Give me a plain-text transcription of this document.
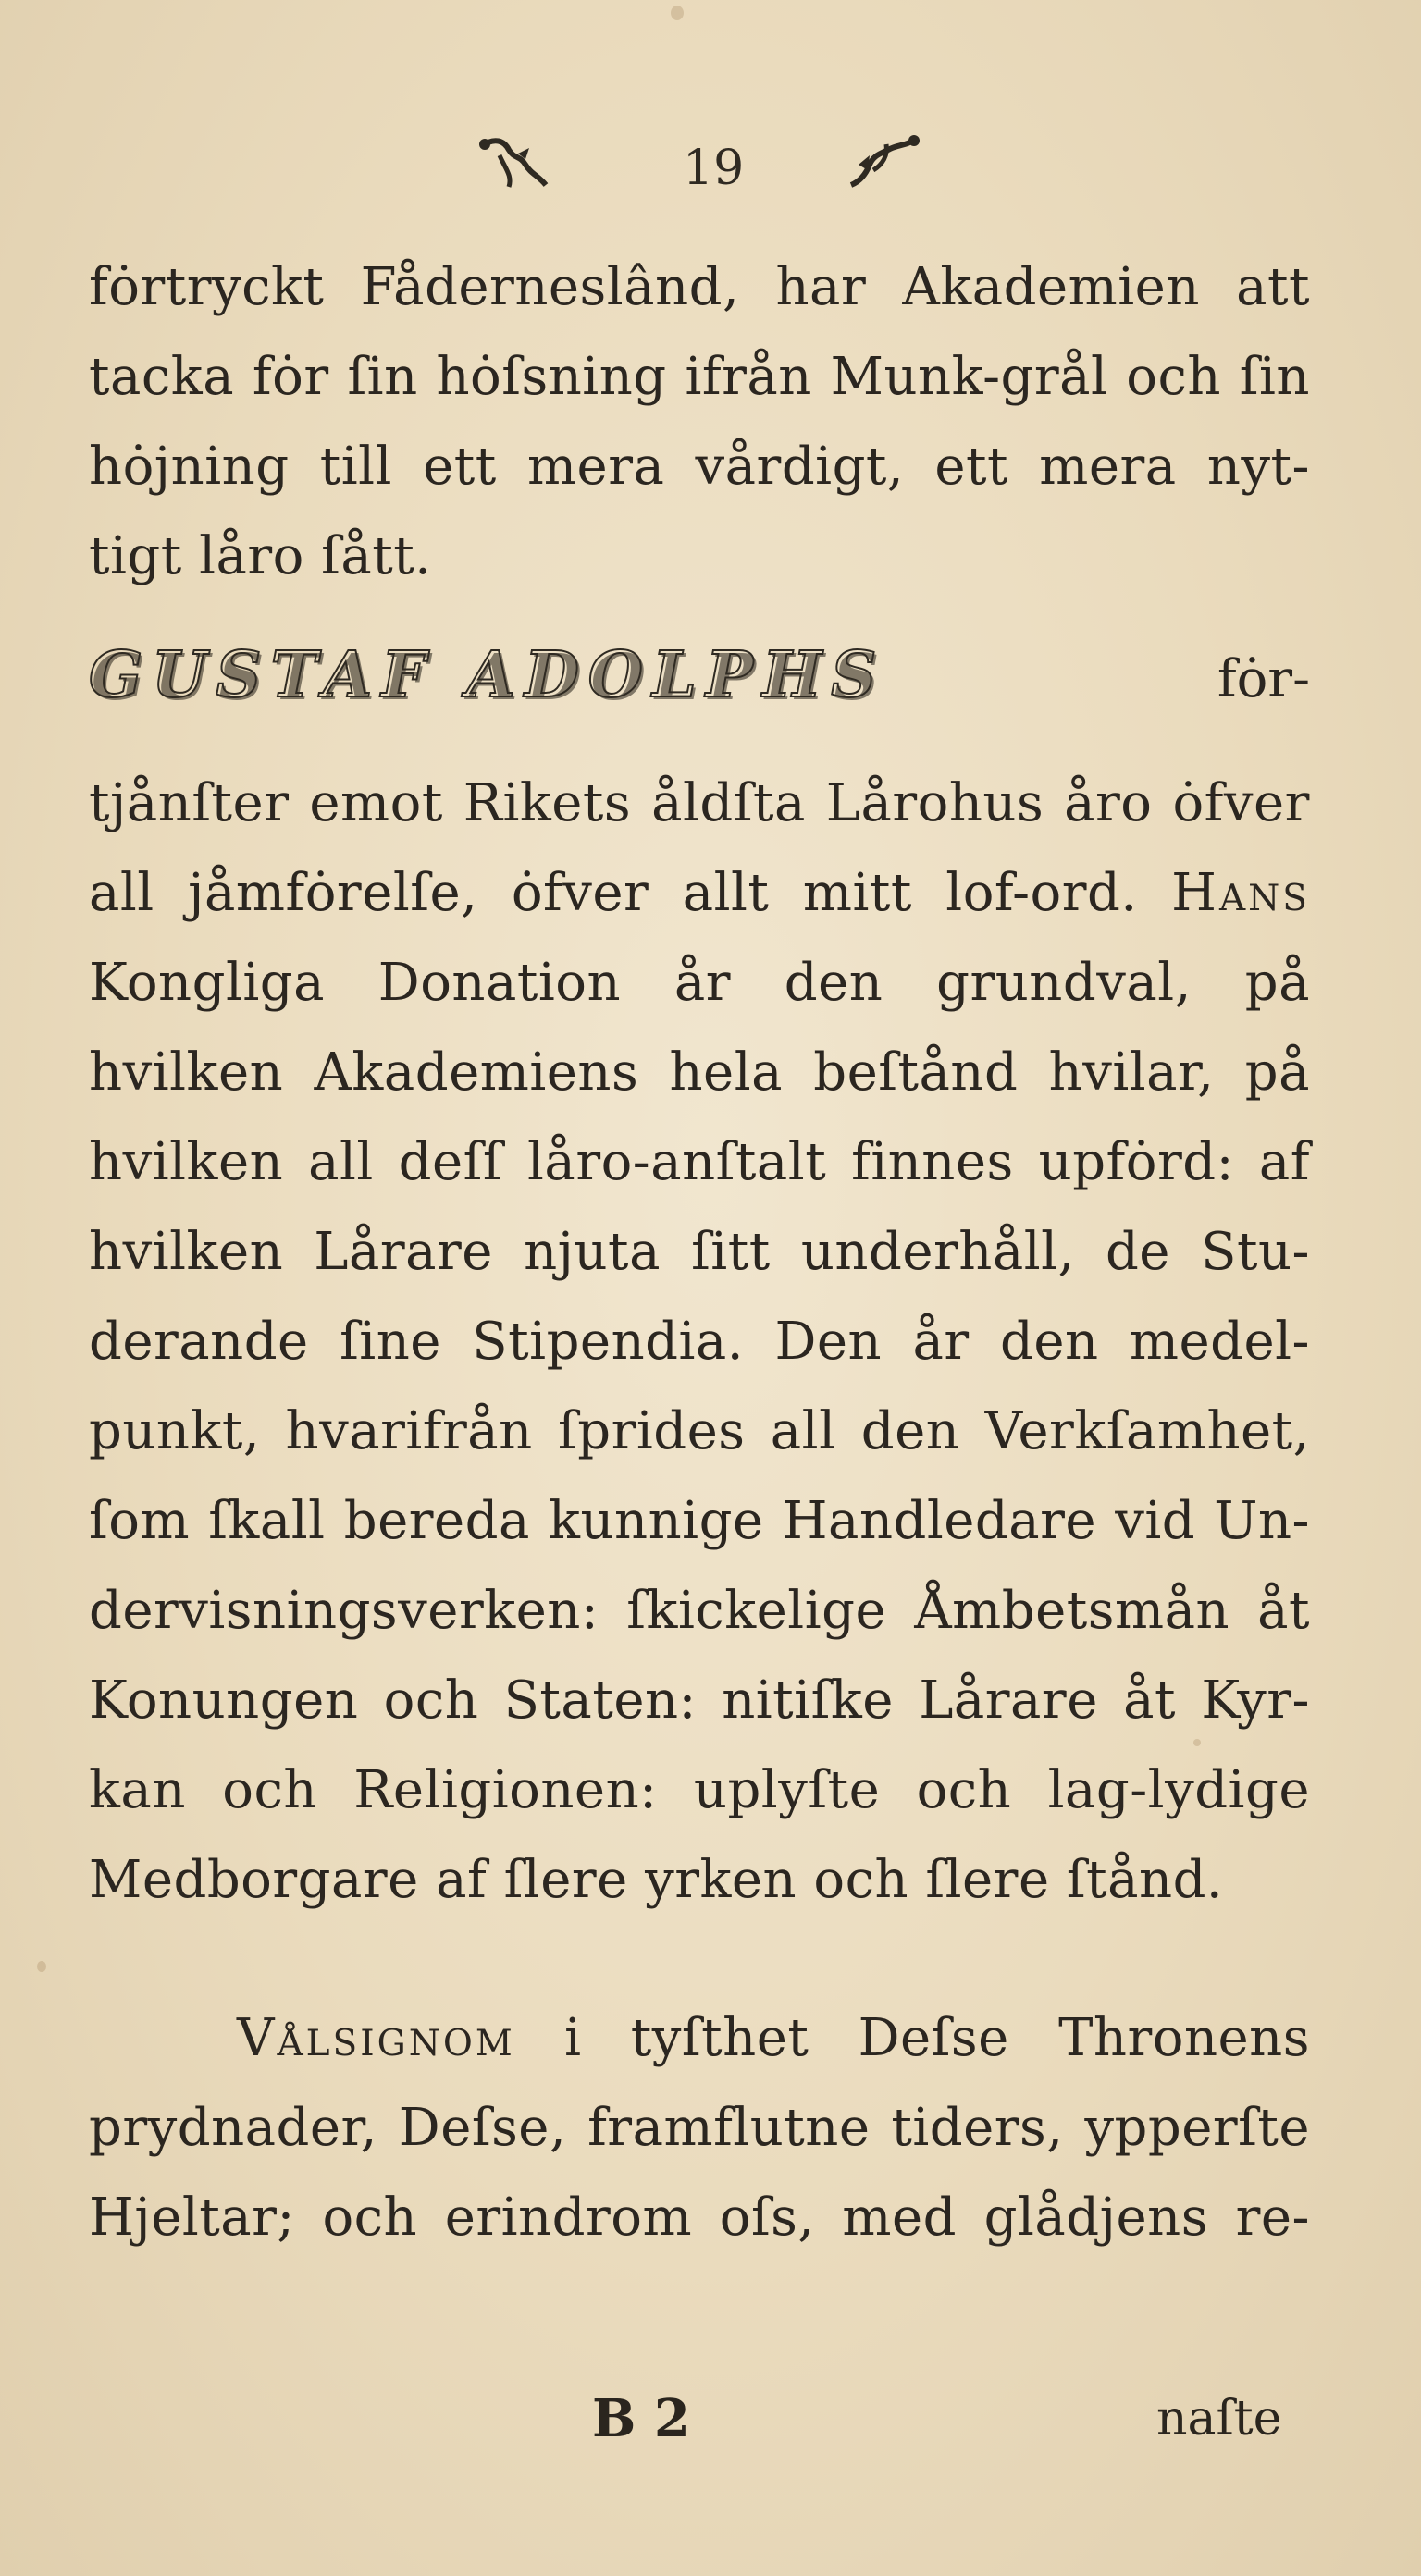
19
fȯrtryckt Fåderneslând, har Akademien att
tacka fȯr ſin hȯſsning ifrån Munk-grål och ſin
hȯjning till ett mera vårdigt, ett mera nyt-
tigt
låro
ſått.
GUSTAF ADOLPHS	fȯr-
tjånſter emot Rikets åldſta Lårohus åro ȯfver
all jåmfȯrelſe, ȯfver allt mitt lof-ord. Hans
Kongliga Donation år den grundval, på
hvilken Akademiens hela beſtånd hvilar, på
hvilken all deſſ låro-anſtalt finnes upfȯrd: af
hvilken Lårare njuta ſitt underhåll, de Stu-
derande ſine Stipendia. Den år den medel-
punkt, hvarifrån ſprides all den Verkſamhet,
ſom ſkall bereda kunnige Handledare vid Un-
dervisningsverken: ſkickelige Åmbetsmån åt
Konungen och Staten: nitiſke Lårare åt Kyr-
kan och Religionen: uplyſte och lag-lydige
Medborgare
af
ſlere
yrken
och
ſlere
ſtånd.
Vålsignom i tyſthet Deſse Thronens
prydnader, Deſse, framflutne tiders, ypperſte
Hjeltar; och erindrom oſs, med glådjens re-
B 2	naſte
